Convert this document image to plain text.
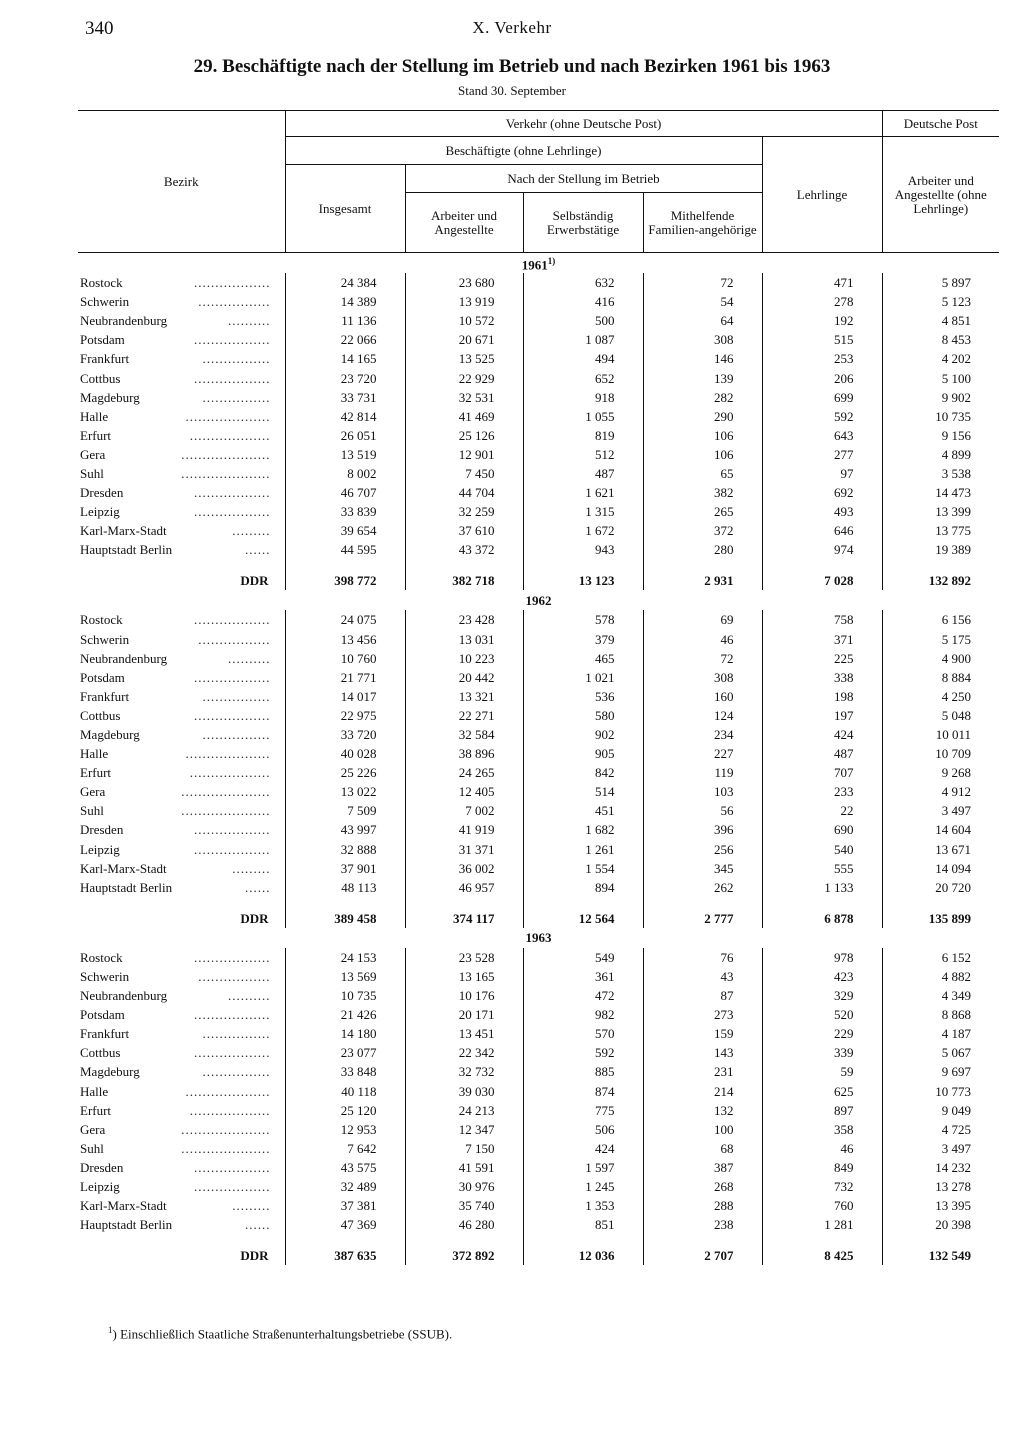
340	X. Verkehr
29. Beschäftigte nach der Stellung im Betrieb und nach Bezirken 1961 bis 1963
Stand 30. September
Bezirk	Verkehr (ohne Deutsche Post)					Deutsche Post
	Beschäftigte (ohne Lehrlinge)				Lehrlinge	Arbeiter und Angestellte (ohne Lehrlinge)
	Insgesamt	Nach der Stellung im Betrieb				
		Arbeiter und Angestellte	Selbständig Erwerbstätige	Mithelfende Familien-angehörige		
1961$^{1)}$
Rostock ..................	24 384	23 680	632	72	471	5 897
Schwerin .................	14 389	13 919	416	54	278	5 123
Neubrandenburg ..........	11 136	10 572	500	64	192	4 851
Potsdam ..................	22 066	20 671	1 087	308	515	8 453
Frankfurt ................	14 165	13 525	494	146	253	4 202
Cottbus ..................	23 720	22 929	652	139	206	5 100
Magdeburg ................	33 731	32 531	918	282	699	9 902
Halle ....................	42 814	41 469	1 055	290	592	10 735
Erfurt ...................	26 051	25 126	819	106	643	9 156
Gera .....................	13 519	12 901	512	106	277	4 899
Suhl .....................	8 002	7 450	487	65	97	3 538
Dresden ..................	46 707	44 704	1 621	382	692	14 473
Leipzig ..................	33 839	32 259	1 315	265	493	13 399
Karl-Marx-Stadt .........	39 654	37 610	1 672	372	646	13 775
Hauptstadt Berlin ......	44 595	43 372	943	280	974	19 389

DDR	398 772	382 718	13 123	2 931	7 028	132 892
1962						
Rostock ..................	24 075	23 428	578	69	758	6 156
Schwerin .................	13 456	13 031	379	46	371	5 175
Neubrandenburg ..........	10 760	10 223	465	72	225	4 900
Potsdam ..................	21 771	20 442	1 021	308	338	8 884
Frankfurt ................	14 017	13 321	536	160	198	4 250
Cottbus ..................	22 975	22 271	580	124	197	5 048
Magdeburg ................	33 720	32 584	902	234	424	10 011
Halle ....................	40 028	38 896	905	227	487	10 709
Erfurt ...................	25 226	24 265	842	119	707	9 268
Gera .....................	13 022	12 405	514	103	233	4 912
Suhl .....................	7 509	7 002	451	56	22	3 497
Dresden ..................	43 997	41 919	1 682	396	690	14 604
Leipzig ..................	32 888	31 371	1 261	256	540	13 671
Karl-Marx-Stadt .........	37 901	36 002	1 554	345	555	14 094
Hauptstadt Berlin ......	48 113	46 957	894	262	1 133	20 720

DDR	389 458	374 117	12 564	2 777	6 878	135 899
1963						
Rostock ..................	24 153	23 528	549	76	978	6 152
Schwerin .................	13 569	13 165	361	43	423	4 882
Neubrandenburg ..........	10 735	10 176	472	87	329	4 349
Potsdam ..................	21 426	20 171	982	273	520	8 868
Frankfurt ................	14 180	13 451	570	159	229	4 187
Cottbus ..................	23 077	22 342	592	143	339	5 067
Magdeburg ................	33 848	32 732	885	231	59	9 697
Halle ....................	40 118	39 030	874	214	625	10 773
Erfurt ...................	25 120	24 213	775	132	897	9 049
Gera .....................	12 953	12 347	506	100	358	4 725
Suhl .....................	7 642	7 150	424	68	46	3 497
Dresden ..................	43 575	41 591	1 597	387	849	14 232
Leipzig ..................	32 489	30 976	1 245	268	732	13 278
Karl-Marx-Stadt .........	37 381	35 740	1 353	288	760	13 395
Hauptstadt Berlin ......	47 369	46 280	851	238	1 281	20 398

DDR	387 635	372 892	12 036	2 707	8 425	132 549
$^1$) Einschließlich Staatliche Straßenunterhaltungsbetriebe (SSUB).
